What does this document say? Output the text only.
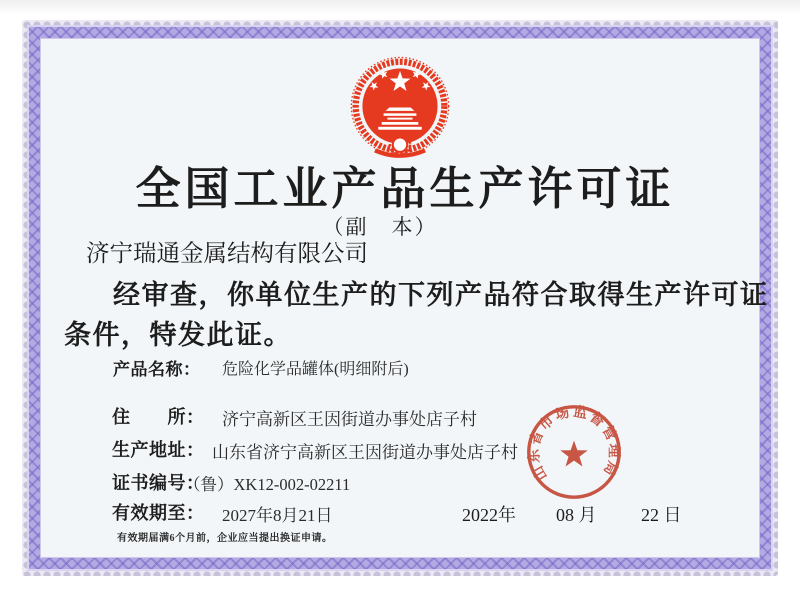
全国工业产品生产许可证
（副　本）
济宁瑞通金属结构有限公司
经审查，你单位生产的下列产品符合取得生产许可证
条件，特发此证。
产品名称： 危险化学品罐体(明细附后)
住　　所： 济宁高新区王因街道办事处店子村
生产地址： 山东省济宁高新区王因街道办事处店子村
证书编号：
（鲁）XK12-002-02211
有效期至： 2027年8月21日	2022年 08 月 22 日
有效期届满6个月前，企业应当提出换证申请。
山东省市场监督管理局
